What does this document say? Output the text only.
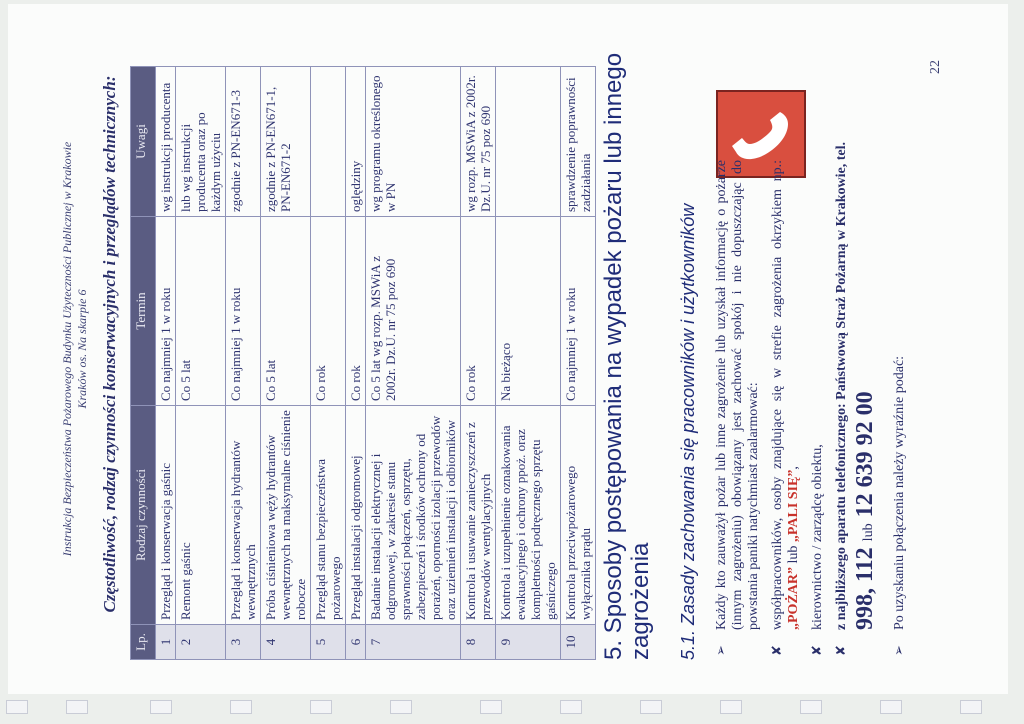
Instrukcja Bezpieczeństwa Pożarowego Budynku Użyteczności Publicznej w Krakowie Kraków os. Na skarpie 6 Częstotliwość, rodzaj czynności konserwacyjnych i przeglądów technicznych:
Lp.	Rodzaj czynności	Termin	Uwagi
1	Przegląd i konserwacja gaśnic	Co najmniej 1 w roku	wg instrukcji producenta
2	Remont gaśnic	Co 5 lat	lub wg instrukcji producenta oraz po każdym użyciu
3	Przegląd i konserwacja hydrantów wewnętrznych	Co najmniej 1 w roku	zgodnie z PN-EN671-3
4	Próba ciśnieniowa węży hydrantów wewnętrznych na maksymalne ciśnienie robocze	Co 5 lat	zgodnie z PN-EN671-1, PN-EN671-2
5	Przegląd stanu bezpieczeństwa pożarowego	Co rok	
6	Przegląd instalacji odgromowej	Co rok	oględziny
7	Badanie instalacji elektrycznej i odgromowej, w zakresie stanu sprawności połączeń, osprzętu, zabezpieczeń i środków ochrony od porażeń, oporności izolacji przewodów oraz uziemień instalacji i odbiorników	Co 5 lat wg rozp. MSWiA z 2002r. Dz.U. nr 75 poz 690	wg programu określonego w PN
8	Kontrola i usuwanie zanieczyszczeń z przewodów wentylacyjnych	Co rok	wg rozp. MSWiA z 2002r. Dz.U. nr 75 poz 690
9	Kontrola i uzupełnienie oznakowania ewakuacyjnego i ochrony ppoż. oraz kompletności podręcznego sprzętu gaśniczego	Na bieżąco	
10	Kontrola przeciwpożarowego wyłącznika prądu	Co najmniej 1 w roku	sprawdzenie poprawności zadziałania 5. Sposoby postępowania na wypadek pożaru lub innego zagrożenia 5.1. Zasady zachowania się pracowników i użytkowników ➢
Każdy kto zauważył pożar lub inne zagrożenie lub uzyskał informację o pożarze (innym zagrożeniu) obowiązany jest zachować spokój i nie dopuszczając do powstania paniki natychmiast zaalarmować:
✘
współpracowników, osoby znajdujące się w strefie zagrożenia okrzykiem np.: „POŻAR” lub „PALI SIĘ”,
✘
kierownictwo / zarządcę obiektu,
✘
z najbliższego aparatu telefonicznego: Państwową Straż Pożarną w Krakowie, tel. 998, 112 lub 12 639 92 00
➢
Po uzyskaniu połączenia należy wyraźnie podać:
22
